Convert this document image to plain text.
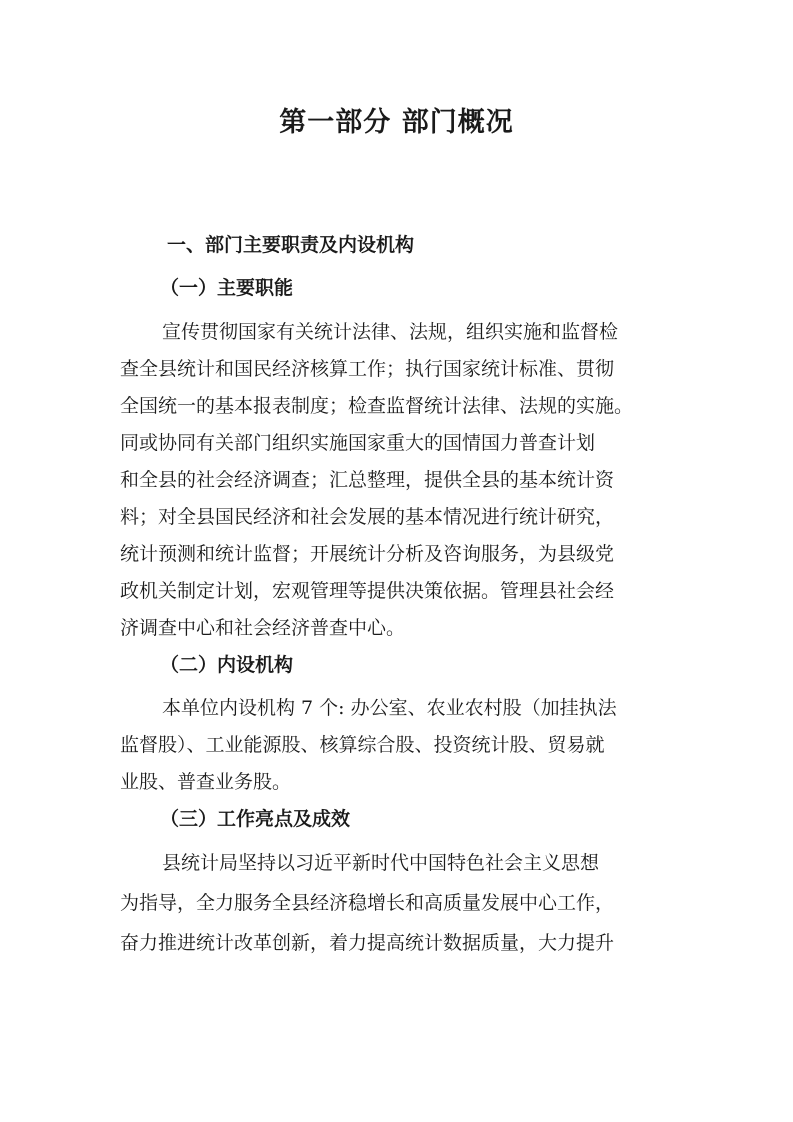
第一部分 部门概况
一、部门主要职责及内设机构
（一）主要职能
宣传贯彻国家有关统计法律、法规，组织实施和监督检
查全县统计和国民经济核算工作；执行国家统计标准、贯彻
全国统一的基本报表制度；检查监督统计法律、法规的实施。
同或协同有关部门组织实施国家重大的国情国力普查计划
和全县的社会经济调查；汇总整理，提供全县的基本统计资
料；对全县国民经济和社会发展的基本情况进行统计研究，
统计预测和统计监督；开展统计分析及咨询服务，为县级党
政机关制定计划，宏观管理等提供决策依据。管理县社会经
济调查中心和社会经济普查中心。
（二）内设机构
本单位内设机构 7 个: 办公室、农业农村股（加挂执法
监督股）、工业能源股、核算综合股、投资统计股、贸易就
业股、普查业务股。
（三）工作亮点及成效
县统计局坚持以习近平新时代中国特色社会主义思想
为指导，全力服务全县经济稳增长和高质量发展中心工作，
奋力推进统计改革创新，着力提高统计数据质量，大力提升
